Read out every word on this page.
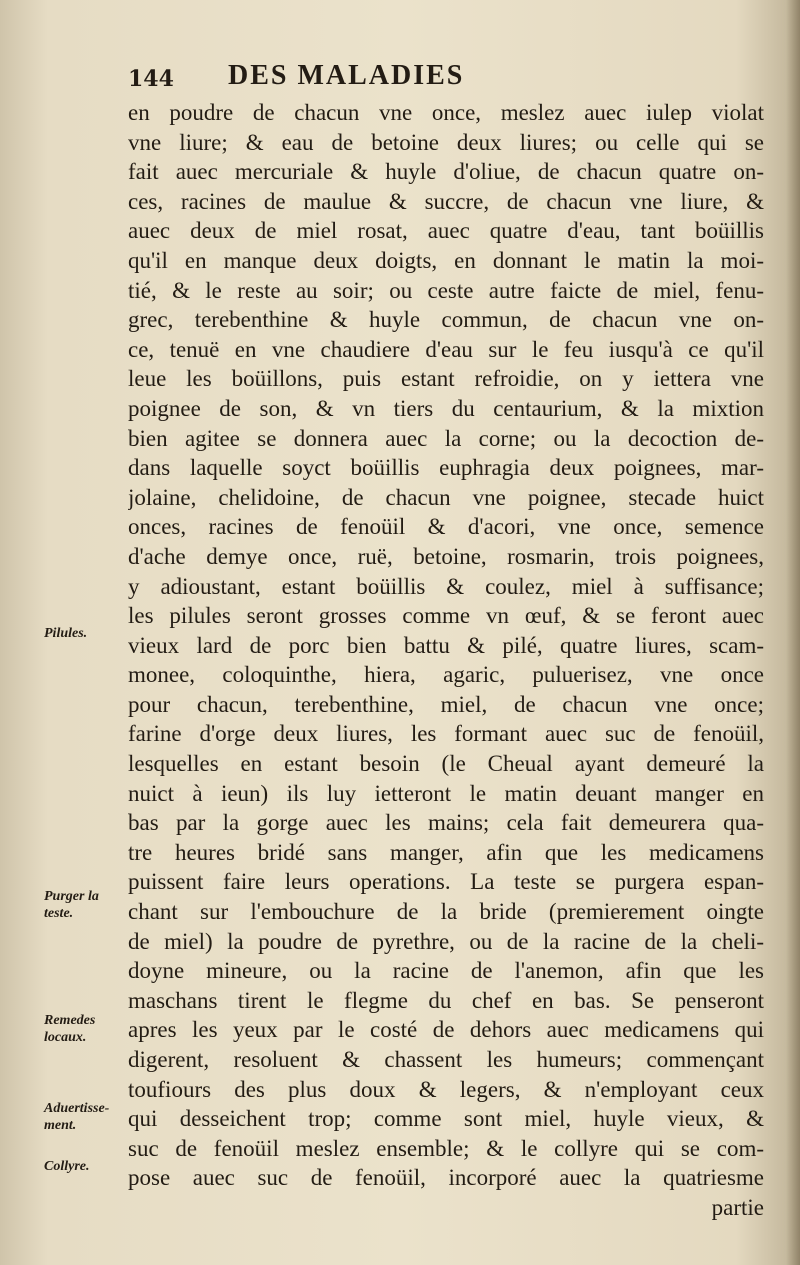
144 DES MALADIES
en poudre de chacun vne once, meslez auec iulep violat
vne liure; & eau de betoine deux liures; ou celle qui se
fait auec mercuriale & huyle d'oliue, de chacun quatre on-
ces, racines de maulue & succre, de chacun vne liure, &
auec deux de miel rosat, auec quatre d'eau, tant boüillis
qu'il en manque deux doigts, en donnant le matin la moi-
tié, & le reste au soir; ou ceste autre faicte de miel, fenu-
grec, terebenthine & huyle commun, de chacun vne on-
ce, tenuë en vne chaudiere d'eau sur le feu iusqu'à ce qu'il
leue les boüillons, puis estant refroidie, on y iettera vne
poignee de son, & vn tiers du centaurium, & la mixtion
bien agitee se donnera auec la corne; ou la decoction de-
dans laquelle soyct boüillis euphragia deux poignees, mar-
jolaine, chelidoine, de chacun vne poignee, stecade huict
onces, racines de fenoüil & d'acori, vne once, semence
d'ache demye once, ruë, betoine, rosmarin, trois poignees,
y adioustant, estant boüillis & coulez, miel à suffisance;
les pilules seront grosses comme vn œuf, & se feront auec
vieux lard de porc bien battu & pilé, quatre liures, scam-
monee, coloquinthe, hiera, agaric, puluerisez, vne once
pour chacun, terebenthine, miel, de chacun vne once;
farine d'orge deux liures, les formant auec suc de fenoüil,
lesquelles en estant besoin (le Cheual ayant demeuré la
nuict à ieun) ils luy ietteront le matin deuant manger en
bas par la gorge auec les mains; cela fait demeurera qua-
tre heures bridé sans manger, afin que les medicamens
puissent faire leurs operations. La teste se purgera espan-
chant sur l'embouchure de la bride (premierement oingte
de miel) la poudre de pyrethre, ou de la racine de la cheli-
doyne mineure, ou la racine de l'anemon, afin que les
maschans tirent le flegme du chef en bas. Se penseront
apres les yeux par le costé de dehors auec medicamens qui
digerent, resoluent & chassent les humeurs; commençant
toufiours des plus doux & legers, & n'employant ceux
qui desseichent trop; comme sont miel, huyle vieux, &
suc de fenoüil meslez ensemble; & le collyre qui se com-
pose auec suc de fenoüil, incorporé auec la quatriesme
partie
Pilules.
Purger la teste.
Remedes locaux.
Aduertisse-ment.
Collyre.
